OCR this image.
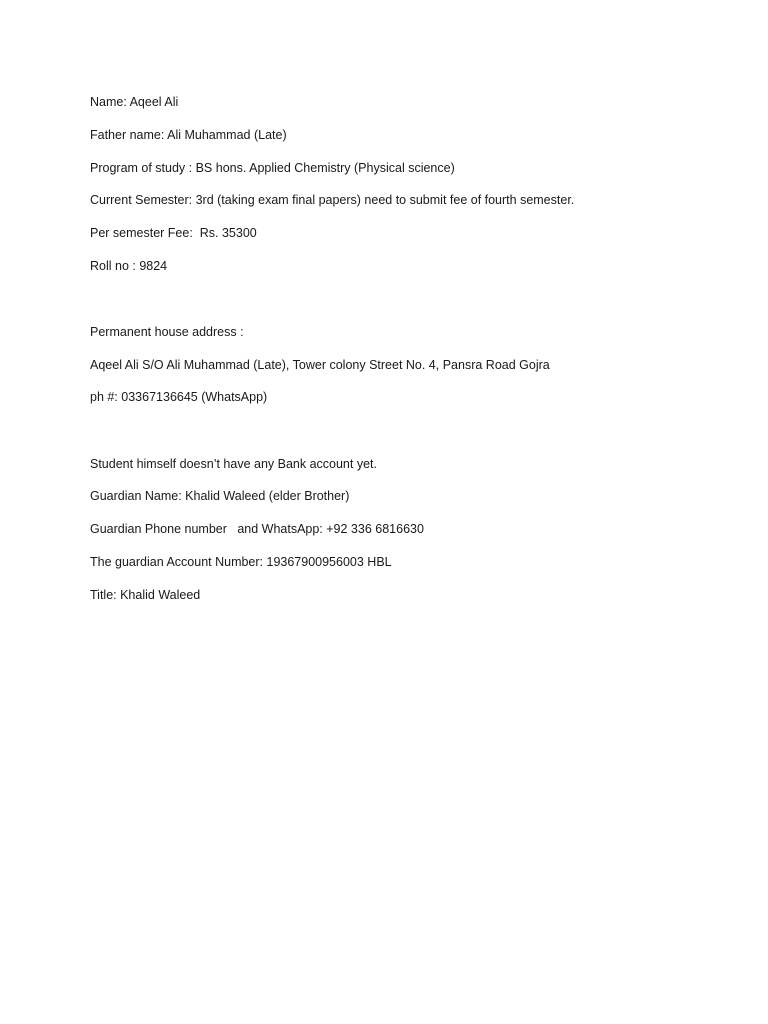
Name: Aqeel Ali
Father name: Ali Muhammad (Late)
Program of study : BS hons. Applied Chemistry (Physical science)
Current Semester: 3rd (taking exam final papers) need to submit fee of fourth semester.
Per semester Fee:  Rs. 35300
Roll no : 9824
Permanent house address :
Aqeel Ali S/O Ali Muhammad (Late), Tower colony Street No. 4, Pansra Road Gojra
ph #: 03367136645 (WhatsApp)
Student himself doesn’t have any Bank account yet.
Guardian Name: Khalid Waleed (elder Brother)
Guardian Phone number   and WhatsApp: +92 336 6816630
The guardian Account Number: 19367900956003 HBL
Title: Khalid Waleed
